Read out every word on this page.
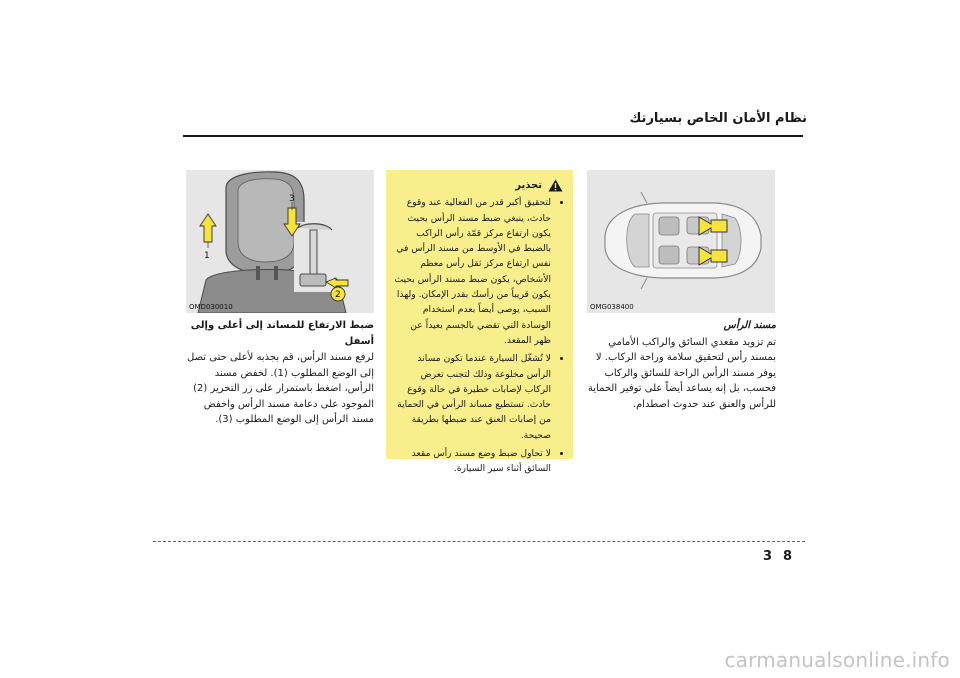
نظام الأمان الخاص بسيارتك
OMG038400
مسند الرأس
تم تزويد مقعدي السائق والراكب الأمامي بمسند رأس لتحقيق سلامة وراحة الركاب. لا يوفر مسند الرأس الراحة للسائق والركاب فحسب، بل إنه يساعد أيضاً على توفير الحماية للرأس والعنق عند حدوث اصطدام.
تحذير
• لتحقيق أكبر قدر من الفعالية عند وقوع حادث، ينبغي ضبط مسند الرأس بحيث يكون ارتفاع مركز قمّة رأس الراكب بالضبط في الأوسط من مسند الرأس في نفس ارتفاع مركز ثقل رأس معظم الأشخاص، يكون ضبط مسند الرأس بحيث يكون قريباً من رأسك بقدر الإمكان. ولهذا السبب، يوصى أيضاً بعدم استخدام الوسادة التي تقضي بالجسم بعيداً عن ظهر المقعد.
• لا تُشغّل السيارة عندما تكون مساند الرأس مخلوعة وذلك لتجنب تعرض الركاب لإصابات خطيرة في حالة وقوع حادث. تستطيع مساند الرأس في الحماية من إصابات العنق عند ضبطها بطريقة صحيحة.
• لا تحاول ضبط وضع مسند رأس مقعد السائق أثناء سير السيارة.
1
2
3
OMD030010
ضبط الارتفاع للمساند إلى أعلى وإلى أسفل
لرفع مسند الرأس، قم بجذبه لأعلى حتى تصل إلى الوضع المطلوب (1). لخفض مسند الرأس، اضغط باستمرار على زر التحرير (2) الموجود على دعامة مسند الرأس واخفض مسند الرأس إلى الوضع المطلوب (3).
3 8
carmanualsonline.info
